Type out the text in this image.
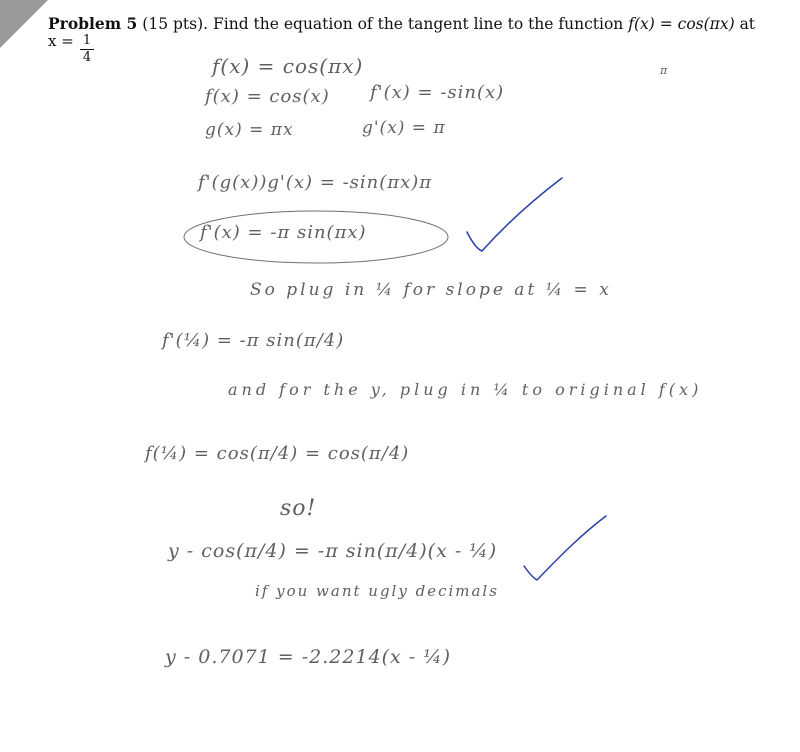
Problem 5 (15 pts). Find the equation of the tangent line to the function f(x) = cos(πx) at
x = 1
4	f(x) = cos(πx)	π
f(x) = cos(x) f'(x) = -sin(x)
g(x) = πx	g'(x) = π
f'(g(x))g'(x) = -sin(πx)π
f'(x) = -π sin(πx)
So plug in ¼ for slope at ¼ = x
f'(¼) = -π sin(π/4)
and for the y, plug in ¼ to original f(x)
f(¼) = cos(π/4) = cos(π/4)
so!
y - cos(π/4) = -π sin(π/4)(x - ¼)
if you want ugly decimals
y - 0.7071 = -2.2214(x - ¼)
